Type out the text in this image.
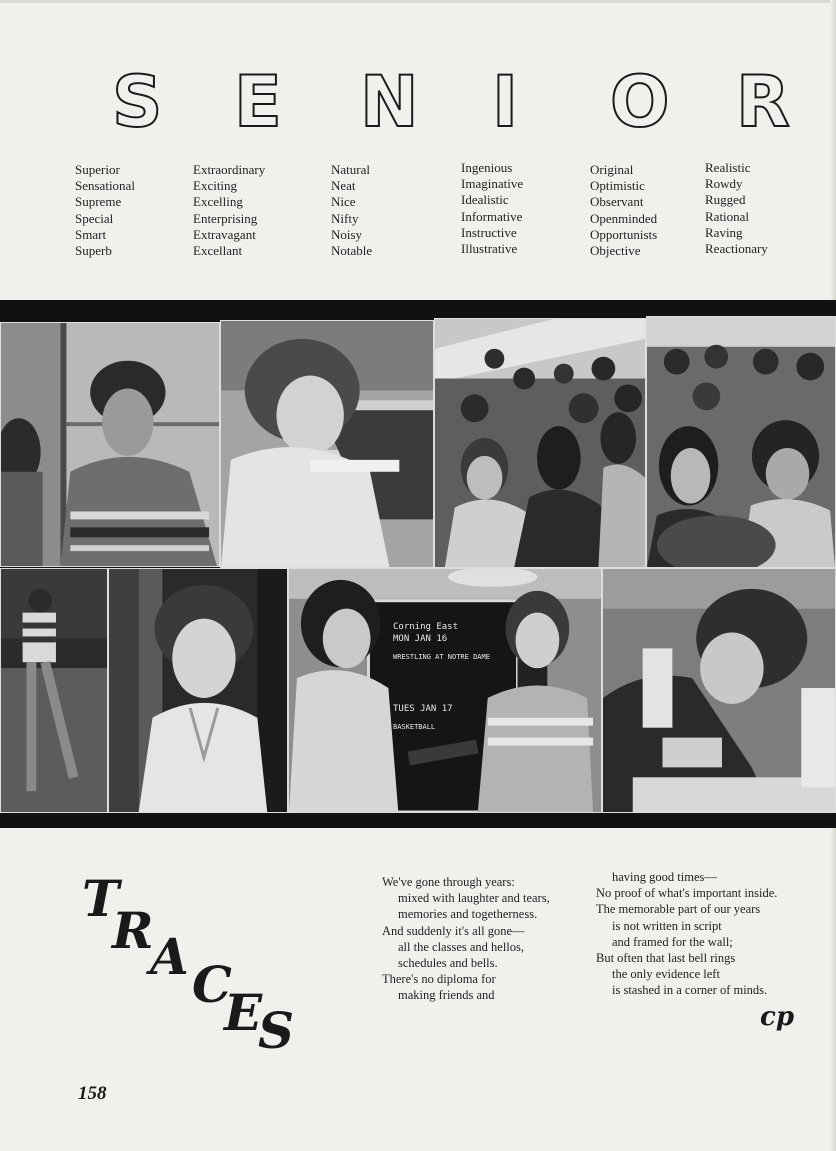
S E N I O R
Superior
Sensational
Supreme
Special
Smart
Superb
Extraordinary
Exciting
Excelling
Enterprising
Extravagant
Excellant
Natural
Neat
Nice
Nifty
Noisy
Notable
Ingenious
Imaginative
Idealistic
Informative
Instructive
Illustrative
Original
Optimistic
Observant
Openminded
Opportunists
Objective
Realistic
Rowdy
Rugged
Rational
Raving
Reactionary
Corning East
MON JAN 16
WRESTLING AT NOTRE DAME
TUES JAN 17
BASKETBALL
T
R
A C
E
S
We've gone through years:
mixed with laughter and tears,
memories and togetherness.
And suddenly it's all gone—
all the classes and hellos,
schedules and bells.
There's no diploma for
making friends and
having good times—
No proof of what's important inside.
The memorable part of our years
is not written in script
and framed for the wall;
But often that last bell rings
the only evidence left
is stashed in a corner of minds.
cp
158
